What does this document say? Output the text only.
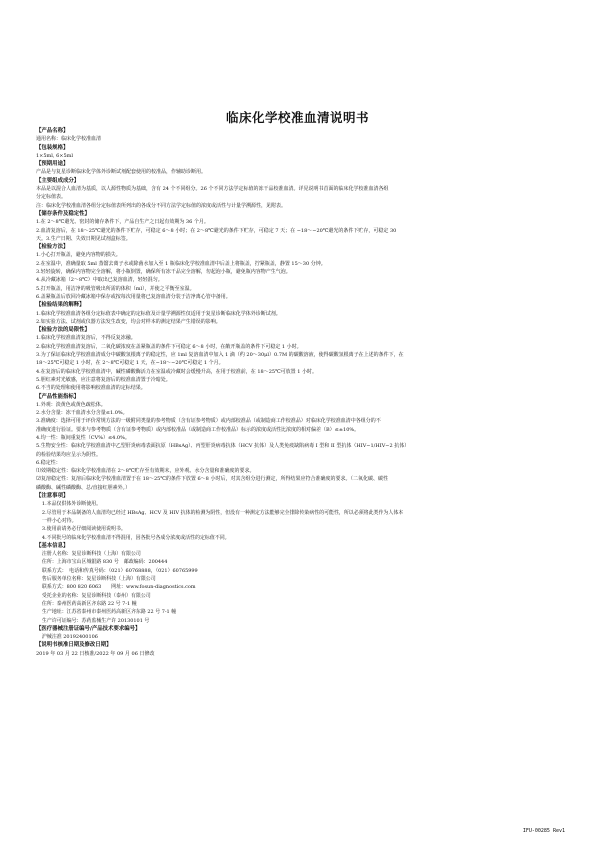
临床化学校准血清说明书
【产品名称】
通用名称：临床化学校准血清
【包装规格】
1×5ml, 6×5ml
【预期用途】
产品是与复星诊断临床化学体外诊断试剂配套使用的校准品，作辅助诊断用。
【主要组成成分】
本品是以混合人血清为基质，以人源性物质为基础，含有 24 个不同组分。26 个不同方法学定标值的冻干品校准血清。详见说明书首面的临床化学校准血清各组
分定标值表。
注：临床化学校准血清各组分定标值表所列出的各成分不同方法学定标值的浓度或活性与计量学溯源性，见附表。
【储存条件及稳定性】
1.在 2～8℃避光、密封的储存条件下，产品自生产之日起有效期为 36 个月。
2.血清复溶后，在 18～25℃避光的条件下贮存，可稳定 6～8 小时；在 2～8℃避光的条件下贮存，可稳定 7 天；在 −18～−20℃避光的条件下贮存，可稳定 30
天。3.生产日期、失效日期见试剂盒标签。
【检验方法】
1.小心打开瓶盖，避免内容物的损失。
2.在室温中，准确量取 5ml 蒸馏去离子水或除菌水加入至 1 瓶临床化学校准血清中后盖上将瓶盖，拧紧瓶盖，静置 15～30 分钟。
3.轻轻旋转，确保内容物完全溶解，将小瓶倒置，确保所有冻干品完全溶解，勿起泡小瓶，避免瓶内容物产生气泡。
4.从冷藏冰箱（2～8℃）中取出已复溶血清，轻轻混匀。
5.打开瓶盖，用洁净的吸管吸出所需的体积（ml），并使之平衡至室温。
6.盖紧瓶盖后放回冷藏冰箱中保存或按每次用量将已复溶血清分装于洁净离心管中备用。
【检验结果的解释】
1.临床化学校准血清各组分定标值表中确定的定标值及计量学溯源性仅适用于复星诊断临床化学体外诊断试剂。
2.如实验方法、试剂或仪器方法发生改变，均会对样本的测定结果产生错误的影响。
【检验方法的局限性】
1.临床化学校准血清复溶后，不得反复冻融。
2.临床化学校准血清复溶后，二氧化碳浓度在盖紧瓶盖的条件下可稳定 6～8 小时，在敞开瓶盖的条件下可稳定 1 小时。
3.为了保证临床化学校准血清成分中碳酸氢根离子的稳定性，应 1ml 复溶血清中加入 1 滴（约 20～30μl）0.7M 的碳酸溶液，使得碳酸氢根离子在上述的条件下，在
18～25℃可稳定 1 小时，在 2～8℃可稳定 1 天，在−18～−20℃可稳定 1 个月。
4.在复溶后的临床化学校准血清中，碱性磷酸酶活力在室温或冷藏时会缓慢升高，在用于校准前，在 18～25℃可放置 1 小时。
5.胆红素对光敏感，应注意将复溶后的校准血清置于冷暗处。
6.不当的处理和使用将影响校准血清的定标结果。
【产品性能指标】
1.外观：淡黄色或黄色疏松体。
2.水分含量：冻干血清水分含量≤1.0%。
3.准确度：选择可用于评价常规方法的一级附同类量的参考物质（含有证参考物质）或内部校准品（或制造商工作校准品）对临床化学校准血清中各组分的不
准确度进行验证。要求与参考物质（含有证参考物质）或内部校准品（或制造商工作校准品）标示的浓度或活性比浓度的相对偏差（B）≤±10%。
4.均一性：瓶间重复性（CV%）≤4.0%。
5.生物安全性：临床化学校准血清中乙型肝炎病毒表面抗原（HBsAg）、丙型肝炎病毒抗体（HCV 抗体）及人类免疫缺陷病毒 I 型和 II 型抗体（HIV−1/HIV−2 抗体）
的检验结果均应呈示为阴性。
6.稳定性：
⑴效期稳定性：临床化学校准血清在 2～8℃贮存至有效期末，应外观、水分含量和准确度的要求。
⑵复溶稳定性：复溶后临床化学校准血清置于在 18～25℃的条件下放置 6～8 小时后，对其含组分进行测定，所得结果应符合准确度的要求。（二氧化碳、碳性
磷酸酶、碱性磷酸酶、总/直接红胆素外。）
【注意事项】
1.本品仅供体外诊断使用。
2.尽管用于本品制备的人血清均已经过 HBsAg、HCV 及 HIV 抗体的检测为阴性，但没有一种测定方法能够完全排除传染病性的可能性，所以必须将此类作为人体本
一样小心对待。
3.使用前请务必仔细阅读使用说明书。
4.不同批号的临床化学校准血清不得混用，因各批号各成分浓度或活性的定标值不同。
【基本信息】
注册人名称：复星诊断科技（上海）有限公司
住所：上海市宝山区城银路 830 号　邮政编码：200444
联系方式：　电话和传真号码：（021）60768888，（021）60765999
售后服务单位名称：复星诊断科技（上海）有限公司
联系方式：800 820 6063　　网址：www.fosun-diagnostics.com
受托企业的名称：复星诊断科技（泰州）有限公司
住所：泰州医药高新区齐东路 22 号 7-1 幢
生产地址：江苏省泰州市泰州医药高新区齐东路 22 号 7-1 幢
生产许可证编号：苏药监械生产许 20130101 号
【医疗器械注册证编号/产品技术要求编号】
沪械注准 20192400106
【说明书核准日期及修改日期】
2019 年 03 月 22 日核准/2022 年 09 月 06 日修改
IFU-00285 Rev1
